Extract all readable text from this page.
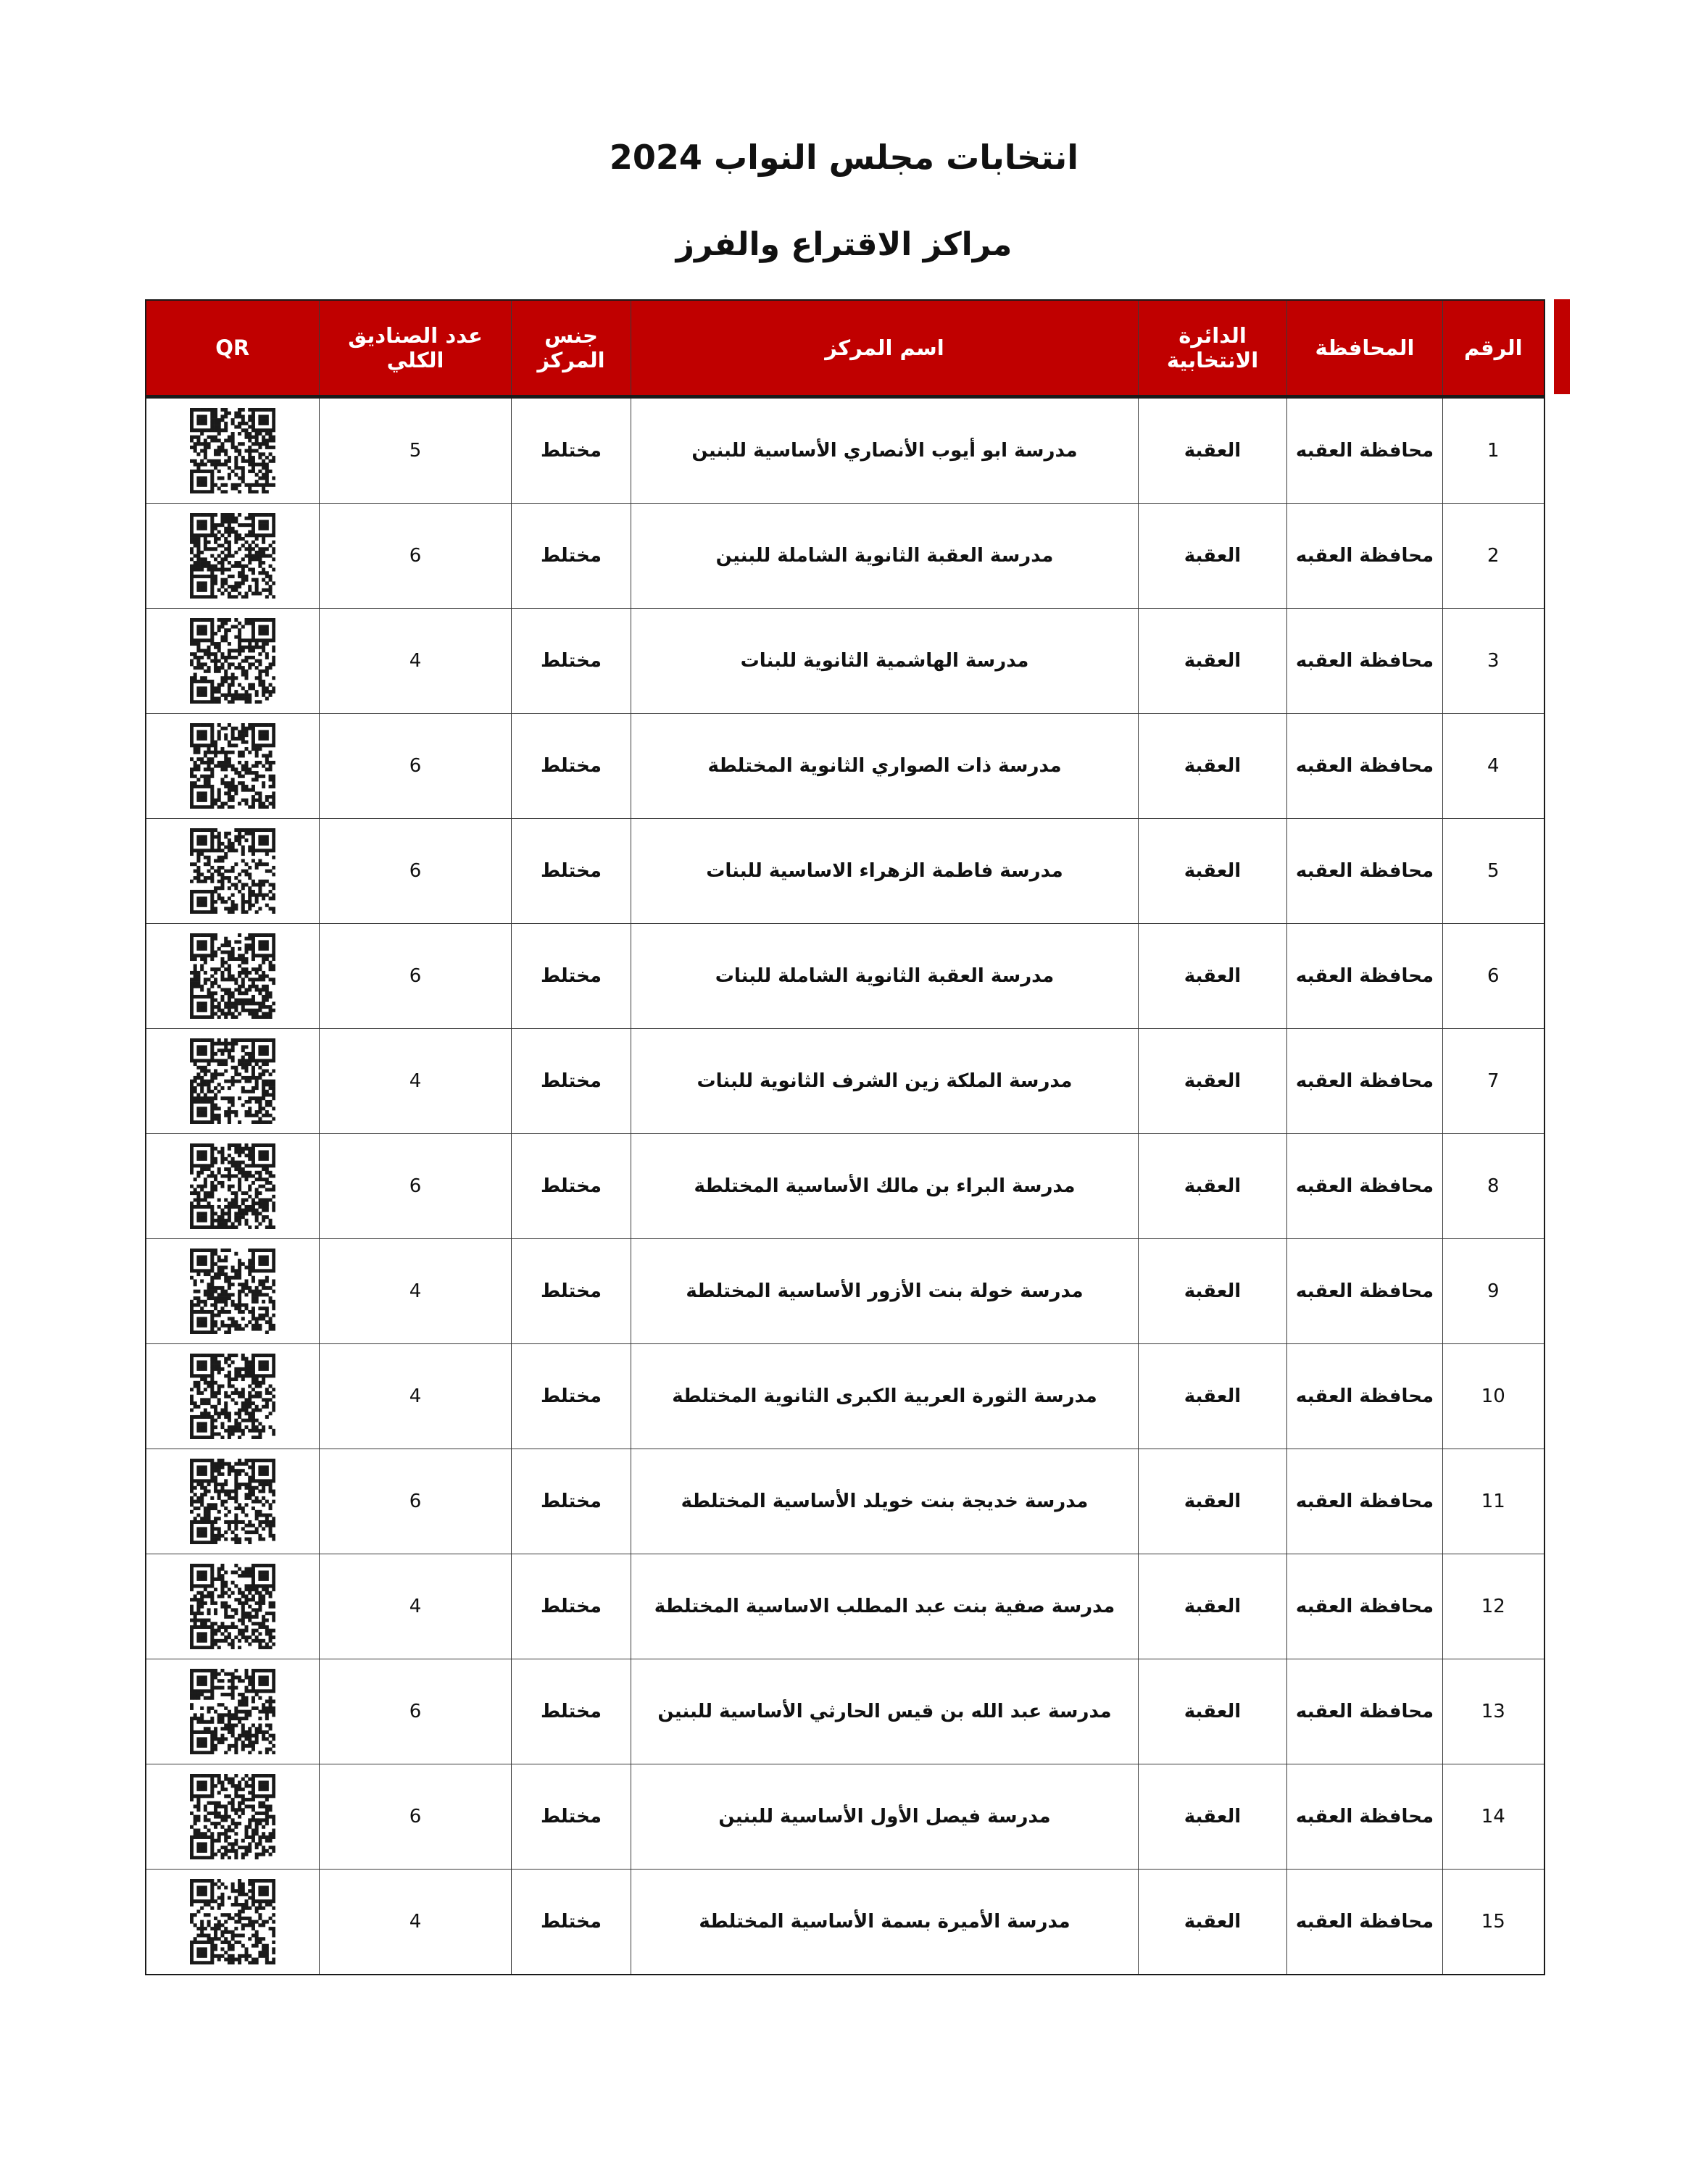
انتخابات مجلس النواب 2024
مراكز الاقتراع والفرز
الرقم	المحافظة	الدائرة الانتخابية	اسم المركز	جنس المركز	عدد الصناديق الكلي	QR
1	محافظة العقبه	العقبة	مدرسة ابو أيوب الأنصاري الأساسية للبنين	مختلط	5	

2	محافظة العقبه	العقبة	مدرسة العقبة الثانوية الشاملة للبنين	مختلط	6	

3	محافظة العقبه	العقبة	مدرسة الهاشمية الثانوية للبنات	مختلط	4	

4	محافظة العقبه	العقبة	مدرسة ذات الصواري الثانوية المختلطة	مختلط	6	

5	محافظة العقبه	العقبة	مدرسة فاطمة الزهراء الاساسية للبنات	مختلط	6	

6	محافظة العقبه	العقبة	مدرسة العقبة الثانوية الشاملة للبنات	مختلط	6	

7	محافظة العقبه	العقبة	مدرسة الملكة زين الشرف الثانوية للبنات	مختلط	4	

8	محافظة العقبه	العقبة	مدرسة البراء بن مالك الأساسية المختلطة	مختلط	6	

9	محافظة العقبه	العقبة	مدرسة خولة بنت الأزور الأساسية المختلطة	مختلط	4	

10	محافظة العقبه	العقبة	مدرسة الثورة العربية الكبرى الثانوية المختلطة	مختلط	4	

11	محافظة العقبه	العقبة	مدرسة خديجة بنت خويلد الأساسية المختلطة	مختلط	6	

12	محافظة العقبه	العقبة	مدرسة صفية بنت عبد المطلب الاساسية المختلطة	مختلط	4	

13	محافظة العقبه	العقبة	مدرسة عبد الله بن قيس الحارثي الأساسية للبنين	مختلط	6	

14	محافظة العقبه	العقبة	مدرسة فيصل الأول الأساسية للبنين	مختلط	6	

15	محافظة العقبه	العقبة	مدرسة الأميرة بسمة الأساسية المختلطة	مختلط	4	
